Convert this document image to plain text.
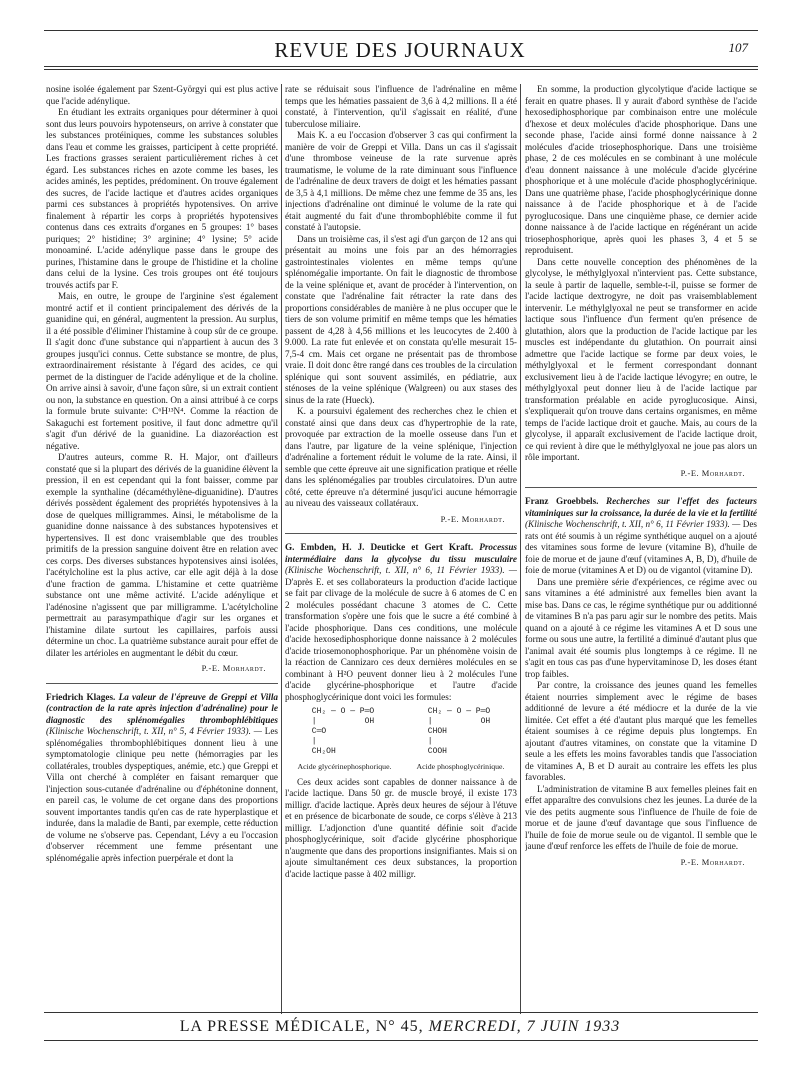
REVUE DES JOURNAUX	107

nosine isolée également par Szent-Györgyi qui est plus active que l'acide adénylique.

En étudiant les extraits organiques pour déterminer à quoi sont dus leurs pouvoirs hypotenseurs, on arrive à constater que les substances protéiniques, comme les substances solubles dans l'eau et comme les graisses, participent à cette propriété. Les fractions grasses seraient particulièrement riches à cet égard. Les substances riches en azote comme les bases, les acides aminés, les peptides, prédominent. On trouve également des sucres, de l'acide lactique et d'autres acides organiques parmi ces substances à propriétés hypotensives. On arrive finalement à répartir les corps à propriétés hypotensives contenus dans ces extraits d'organes en 5 groupes: 1° bases puriques; 2° histidine; 3° arginine; 4° lysine; 5° acide monoaminé. L'acide adénylique passe dans le groupe des purines, l'histamine dans le groupe de l'histidine et la choline dans celui de la lysine. Ces trois groupes ont été toujours trouvés actifs par F.

Mais, en outre, le groupe de l'arginine s'est également montré actif et il contient principalement des dérivés de la guanidine qui, en général, augmentent la pression. Au surplus, il a été possible d'éliminer l'histamine à coup sûr de ce groupe. Il s'agit donc d'une substance qui n'appartient à aucun des 3 groupes jusqu'ici connus. Cette substance se montre, de plus, extraordinairement résistante à l'égard des acides, ce qui permet de la distinguer de l'acide adénylique et de la choline. On arrive ainsi à savoir, d'une façon sûre, si un extrait contient ou non, la substance en question. On a ainsi attribué à ce corps la formule brute suivante: C⁶H¹³N⁴. Comme la réaction de Sakaguchi est fortement positive, il faut donc admettre qu'il s'agit d'un dérivé de la guanidine. La diazoréaction est négative.

D'autres auteurs, comme R. H. Major, ont d'ailleurs constaté que si la plupart des dérivés de la guanidine élèvent la pression, il en est cependant qui la font baisser, comme par exemple la synthaline (décaméthylène-diguanidine). D'autres dérivés possèdent également des propriétés hypotensives à la dose de quelques milligrammes. Ainsi, le métabolisme de la guanidine donne naissance à des substances hypotensives et hypertensives. Il est donc vraisemblable que des troubles primitifs de la pression sanguine doivent être en relation avec ces corps. Des diverses substances hypotensives ainsi isolées, l'acétylcholine est la plus active, car elle agit déjà à la dose d'une fraction de gamma. L'histamine et cette quatrième substance ont une même activité. L'acide adénylique et l'adénosine n'agissent que par milligramme. L'acétylcholine permettrait au parasympathique d'agir sur les organes et l'histamine dilate surtout les capillaires, parfois aussi détermine un choc. La quatrième substance aurait pour effet de dilater les artérioles en augmentant le débit du cœur.

P.-E. Morhardt.

Friedrich Klages. La valeur de l'épreuve de Greppi et Villa (contraction de la rate après injection d'adrénaline) pour le diagnostic des splénomégalies thrombophlébitiques (Klinische Wochenschrift, t. XII, n° 5, 4 Février 1933). — Les splénomégalies thrombophlébitiques donnent lieu à une symptomatologie clinique peu nette (hémorragies par les collatérales, troubles dyspeptiques, anémie, etc.) que Greppi et Villa ont cherché à compléter en faisant remarquer que l'injection sous-cutanée d'adrénaline ou d'éphétonine donnent, en pareil cas, le volume de cet organe dans des proportions souvent importantes tandis qu'en cas de rate hyperplastique et indurée, dans la maladie de Banti, par exemple, cette réduction de volume ne s'observe pas. Cependant, Lévy a eu l'occasion d'observer récemment une femme présentant une splénomégalie après infection puerpérale et dont la

rate se réduisait sous l'influence de l'adrénaline en même temps que les hématies passaient de 3,6 à 4,2 millions. Il a été constaté, à l'intervention, qu'il s'agissait en réalité, d'une tuberculose miliaire.

Mais K. a eu l'occasion d'observer 3 cas qui confirment la manière de voir de Greppi et Villa. Dans un cas il s'agissait d'une thrombose veineuse de la rate survenue après traumatisme, le volume de la rate diminuant sous l'influence de l'adrénaline de deux travers de doigt et les hématies passant de 3,5 à 4,1 millions. De même chez une femme de 35 ans, les injections d'adrénaline ont diminué le volume de la rate qui était augmenté du fait d'une thrombophlébite comme il fut constaté à l'autopsie.

Dans un troisième cas, il s'est agi d'un garçon de 12 ans qui présentait au moins une fois par an des hémorragies gastrointestinales violentes en même temps qu'une splénomégalie importante. On fait le diagnostic de thrombose de la veine splénique et, avant de procéder à l'intervention, on constate que l'adrénaline fait rétracter la rate dans des proportions considérables de manière à ne plus occuper que le tiers de son volume primitif en même temps que les hématies passent de 4,28 à 4,56 millions et les leucocytes de 2.400 à 9.000. La rate fut enlevée et on constata qu'elle mesurait 15-7,5-4 cm. Mais cet organe ne présentait pas de thrombose vraie. Il doit donc être rangé dans ces troubles de la circulation splénique qui sont souvent assimilés, en pédiatrie, aux sténoses de la veine splénique (Walgreen) ou aux stases des sinus de la rate (Hueck).

K. a poursuivi également des recherches chez le chien et constaté ainsi que dans deux cas d'hypertrophie de la rate, provoquée par extraction de la moelle osseuse dans l'un et dans l'autre, par ligature de la veine splénique, l'injection d'adrénaline a fortement réduit le volume de la rate. Ainsi, il semble que cette épreuve ait une signification pratique et réelle dans les splénomégalies par troubles circulatoires. D'un autre côté, cette épreuve n'a déterminé jusqu'ici aucune hémorragie au niveau des vaisseaux collatéraux.

P.-E. Morhardt.

G. Embden, H. J. Deuticke et Gert Kraft. Processus intermédiaire dans la glycolyse du tissu musculaire (Klinische Wochenschrift, t. XII, n° 6, 11 Février 1933). — D'après E. et ses collaborateurs la production d'acide lactique se fait par clivage de la molécule de sucre à 6 atomes de C en 2 molécules possédant chacune 3 atomes de C. Cette transformation s'opère une fois que le sucre a été combiné à l'acide phosphorique. Dans ces conditions, une molécule d'acide hexosediphosphorique donne naissance à 2 molécules d'acide triosemonophosphorique. Par un phénomène voisin de la réaction de Cannizaro ces deux dernières molécules en se combinant à H²O peuvent donner lieu à 2 molécules l'une d'acide glycérine-phosphorique et l'autre d'acide phosphoglycérinique dont voici les formules:

CH₂ — O — P═O
|          OH
C═O
|
CH₂OH
CH₂ — O — P═O
|          OH
CHOH
|
COOH
Acide glycérinephosphorique.	Acide phosphoglycérinique.

Ces deux acides sont capables de donner naissance à de l'acide lactique. Dans 50 gr. de muscle broyé, il existe 173 milligr. d'acide lactique. Après deux heures de séjour à l'étuve et en présence de bicarbonate de soude, ce corps s'élève à 213 milligr. L'adjonction d'une quantité définie soit d'acide phosphoglycérinique, soit d'acide glycérine phosphorique n'augmente que dans des proportions insignifiantes. Mais si on ajoute simultanément ces deux substances, la proportion d'acide lactique passe à 402 milligr.

En somme, la production glycolytique d'acide lactique se ferait en quatre phases. Il y aurait d'abord synthèse de l'acide hexosediphosphorique par combinaison entre une molécule d'hexose et deux molécules d'acide phosphorique. Dans une seconde phase, l'acide ainsi formé donne naissance à 2 molécules d'acide triosephosphorique. Dans une troisième phase, 2 de ces molécules en se combinant à une molécule d'eau donnent naissance à une molécule d'acide glycérine phosphorique et à une molécule d'acide phosphoglycérinique. Dans une quatrième phase, l'acide phosphoglycérinique donne naissance à de l'acide phosphorique et à de l'acide pyroglucosique. Dans une cinquième phase, ce dernier acide donne naissance à de l'acide lactique en régénérant un acide triosephosphorique, après quoi les phases 3, 4 et 5 se reproduisent.

Dans cette nouvelle conception des phénomènes de la glycolyse, le méthylglyoxal n'intervient pas. Cette substance, la seule à partir de laquelle, semble-t-il, puisse se former de l'acide lactique dextrogyre, ne doit pas vraisemblablement intervenir. Le méthylglyoxal ne peut se transformer en acide lactique sous l'influence d'un ferment qu'en présence de glutathion, alors que la production de l'acide lactique par les muscles est indépendante du glutathion. On pourrait ainsi admettre que l'acide lactique se forme par deux voies, le méthylglyoxal et le ferment correspondant donnant exclusivement lieu à de l'acide lactique lévogyre; en outre, le méthylglyoxal peut donner lieu à de l'acide lactique par transformation préalable en acide pyroglucosique. Ainsi, s'expliquerait qu'on trouve dans certains organismes, en même temps de l'acide lactique droit et gauche. Mais, au cours de la glycolyse, il apparaît exclusivement de l'acide lactique droit, ce qui revient à dire que le méthylglyoxal ne joue pas alors un rôle important.

P.-E. Morhardt.

Franz Groebbels. Recherches sur l'effet des facteurs vitaminiques sur la croissance, la durée de la vie et la fertilité (Klinische Wochenschrift, t. XII, n° 6, 11 Février 1933). — Des rats ont été soumis à un régime synthétique auquel on a ajouté des vitamines sous forme de levure (vitamine B), d'huile de foie de morue et de jaune d'œuf (vitamines A, B, D), d'huile de foie de morue (vitamines A et D) ou de vigantol (vitamine D).

Dans une première série d'expériences, ce régime avec ou sans vitamines a été administré aux femelles bien avant la mise bas. Dans ce cas, le régime synthétique pur ou additionné de vitamines B n'a pas paru agir sur le nombre des petits. Mais quand on a ajouté à ce régime les vitamines A et D sous une forme ou sous une autre, la fertilité a diminué d'autant plus que l'animal avait été soumis plus longtemps à ce régime. Il ne s'agit en tous cas pas d'une hypervitaminose D, les doses étant trop faibles.

Par contre, la croissance des jeunes quand les femelles étaient nourries simplement avec le régime de bases additionné de levure a été médiocre et la durée de la vie limitée. Cet effet a été d'autant plus marqué que les femelles étaient soumises à ce régime depuis plus longtemps. En ajoutant d'autres vitamines, on constate que la vitamine D seule a les effets les moins favorables tandis que l'association de vitamines A, B et D aurait au contraire les effets les plus favorables.

L'administration de vitamine B aux femelles pleines fait en effet apparaître des convulsions chez les jeunes. La durée de la vie des petits augmente sous l'influence de l'huile de foie de morue et de jaune d'œuf davantage que sous l'influence de l'huile de foie de morue seule ou de vigantol. Il semble que le jaune d'œuf renforce les effets de l'huile de foie de morue.

P.-E. Morhardt.
LA PRESSE MÉDICALE, N° 45, MERCREDI, 7 JUIN 1933
